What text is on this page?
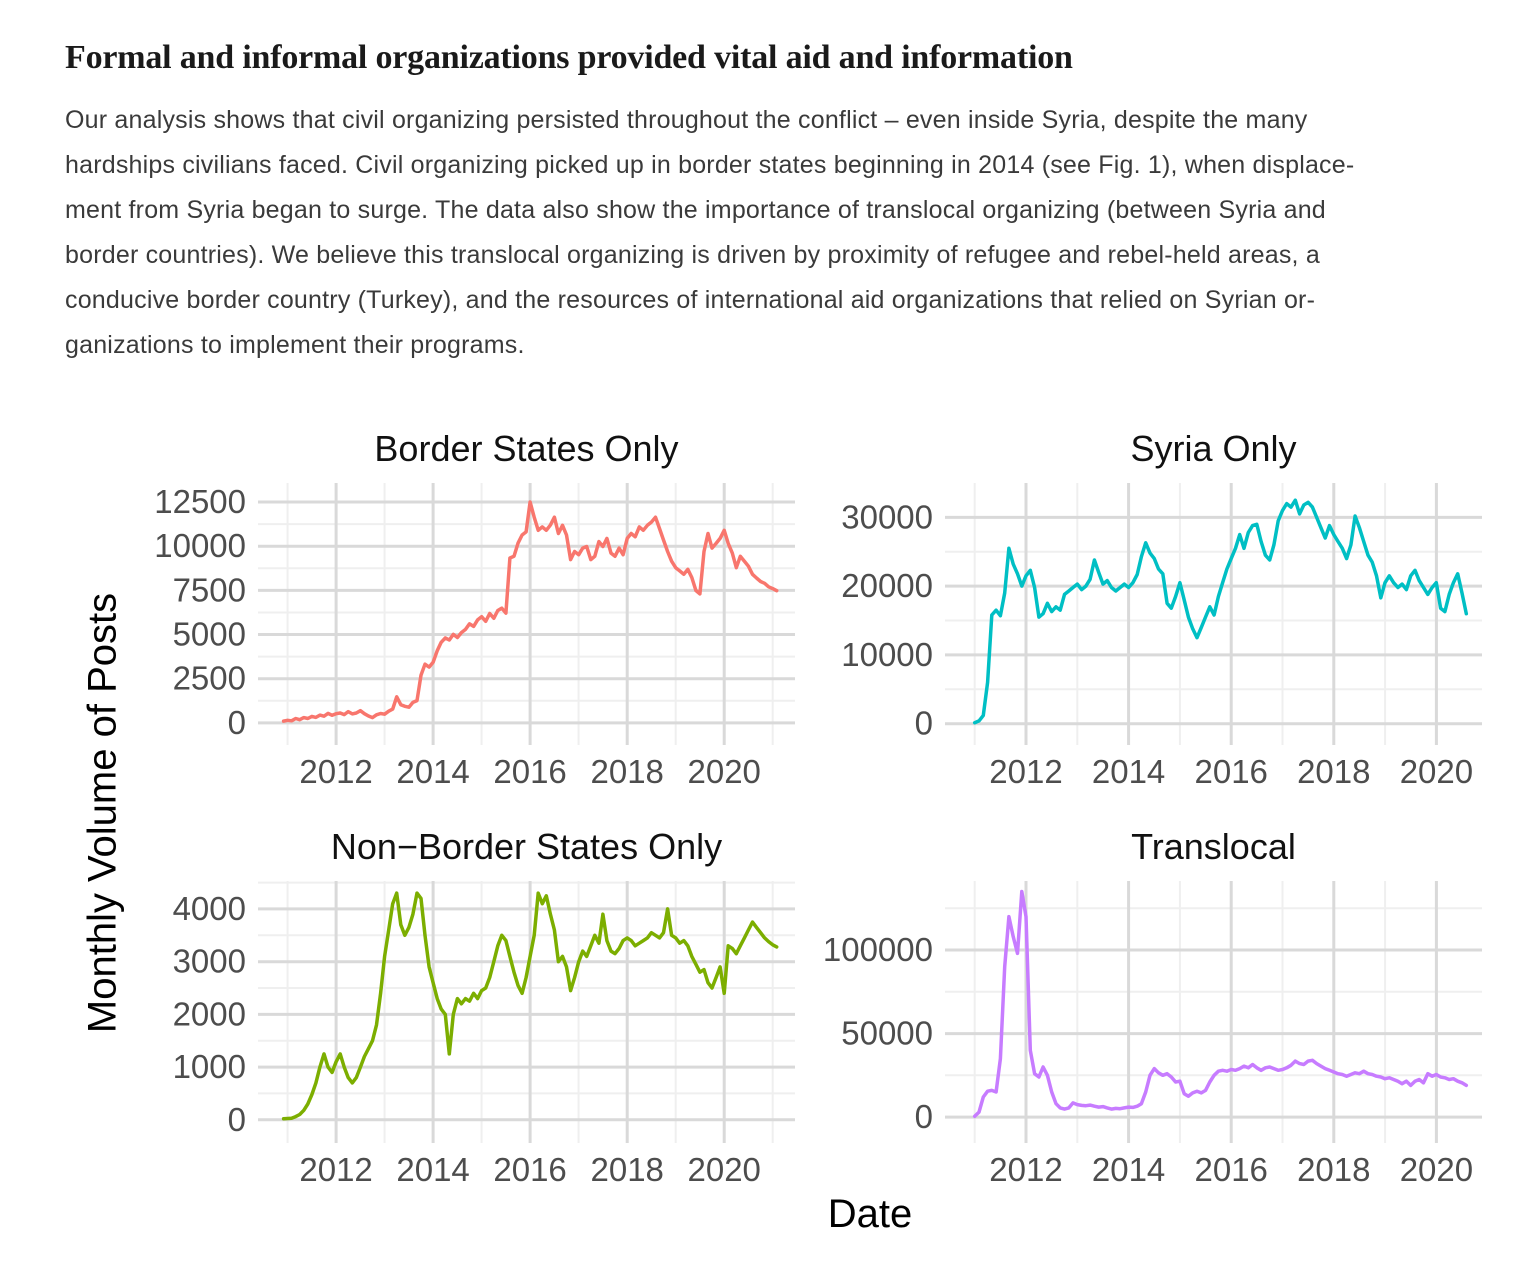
Formal and informal organizations provided vital aid and information
Our analysis shows that civil organizing persisted throughout the conflict – even inside Syria, despite the many
hardships civilians faced. Civil organizing picked up in border states beginning in 2014 (see Fig. 1), when displace-
ment from Syria began to surge. The data also show the importance of translocal organizing (between Syria and
border countries). We believe this translocal organizing is driven by proximity of refugee and rebel-held areas, a
conducive border country (Turkey), and the resources of international aid organizations that relied on Syrian or-
ganizations to implement their programs.
Monthly Volume of Posts
Border States Only	Syria Only
2012 2014 2016 2018 2020
0
2500
5000
7500
10000
12500
2012 2014 2016 2018 2020
0
10000
20000
30000
Non−Border States Only	Translocal
2012 2014 2016 2018 2020
0
1000
2000
3000
4000
2012 2014 2016 2018 2020
0
50000
100000
Date
